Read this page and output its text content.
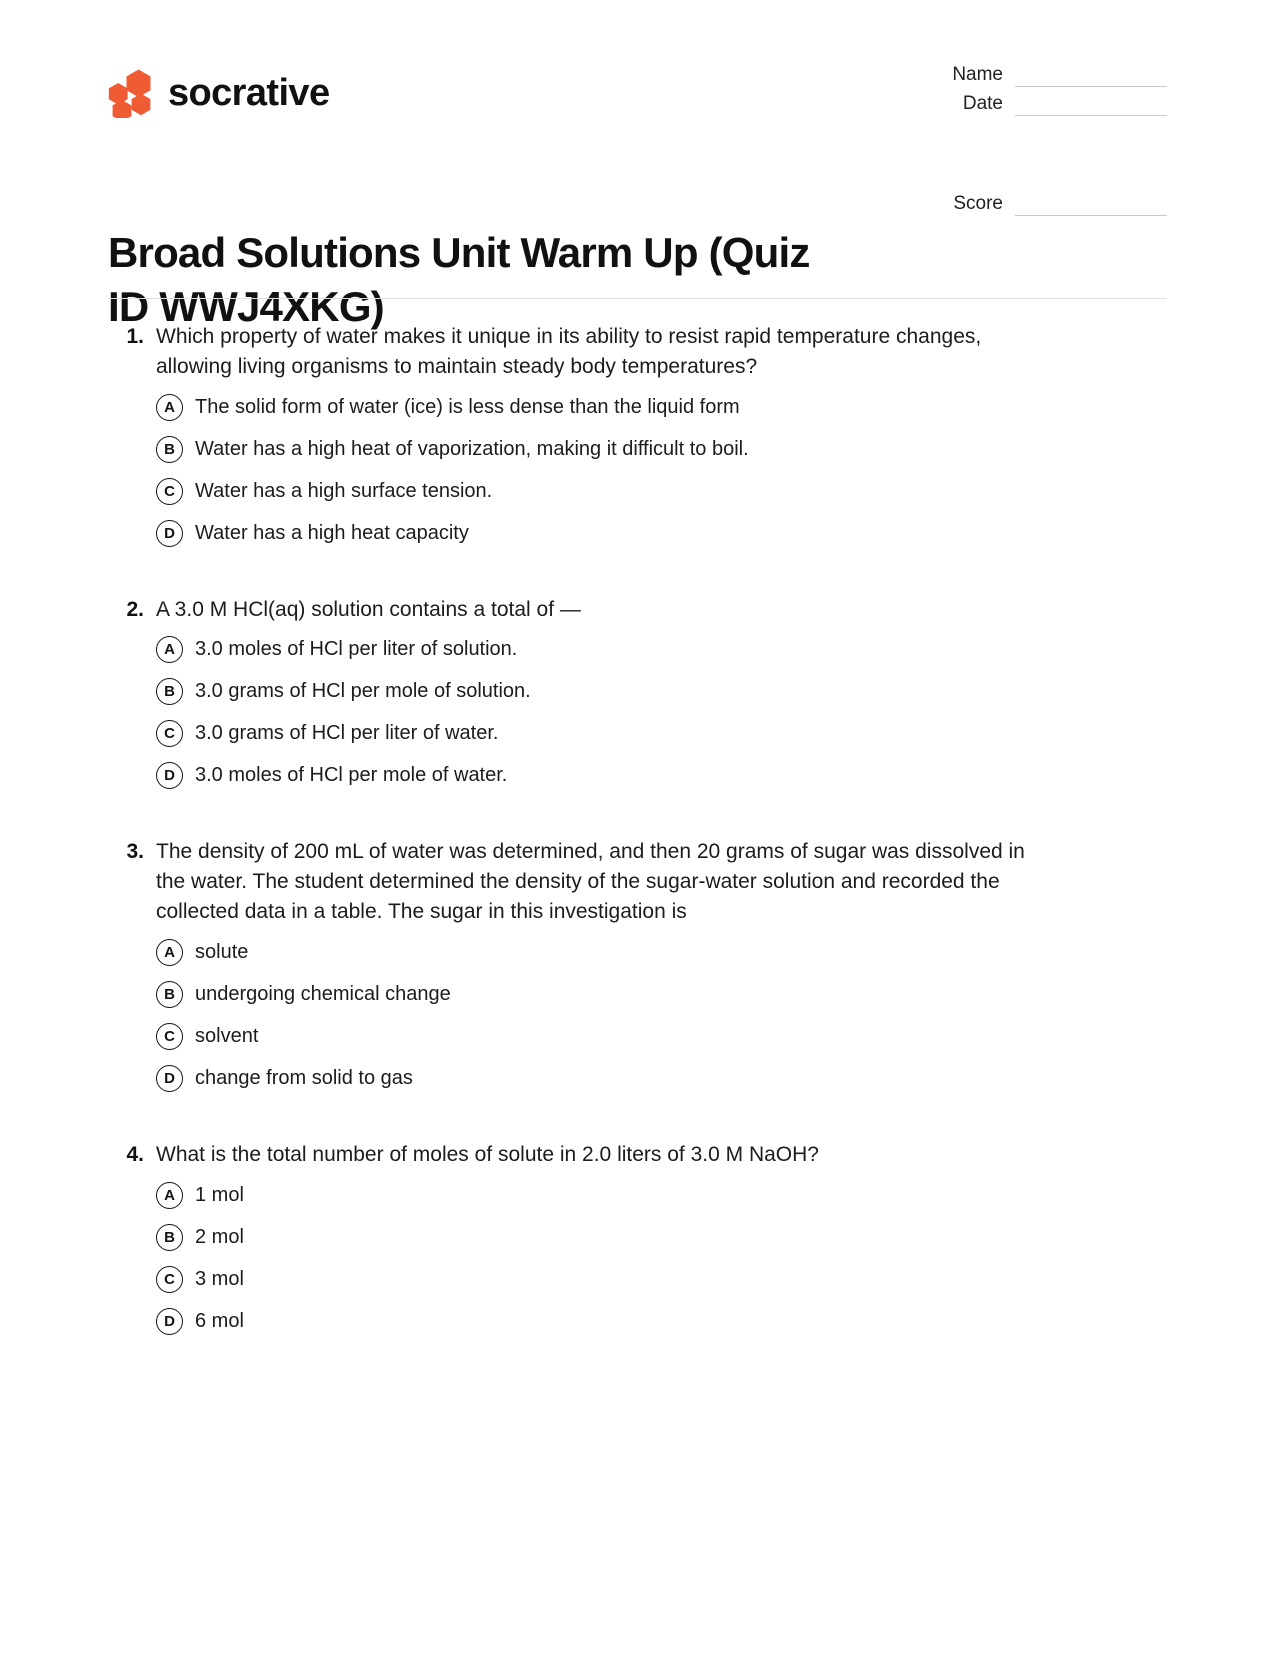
socrative	Name
Date
Score
Broad Solutions Unit Warm Up (Quiz ID WWJ4XKG)
1. Which property of water makes it unique in its ability to resist rapid temperature changes, allowing living organisms to maintain steady body temperatures?
A	The solid form of water (ice) is less dense than the liquid form
B	Water has a high heat of vaporization, making it difficult to boil.
C	Water has a high surface tension.
D	Water has a high heat capacity
2. A 3.0 M HCl(aq) solution contains a total of —
A	3.0 moles of HCl per liter of solution.
B	3.0 grams of HCl per mole of solution.
C	3.0 grams of HCl per liter of water.
D	3.0 moles of HCl per mole of water.
3. The density of 200 mL of water was determined, and then 20 grams of sugar was dissolved in the water. The student determined the density of the sugar-water solution and recorded the collected data in a table. The sugar in this investigation is
A	solute
B	undergoing chemical change
C	solvent
D	change from solid to gas
4. What is the total number of moles of solute in 2.0 liters of 3.0 M NaOH?
A	1 mol
B	2 mol
C	3 mol
D	6 mol
